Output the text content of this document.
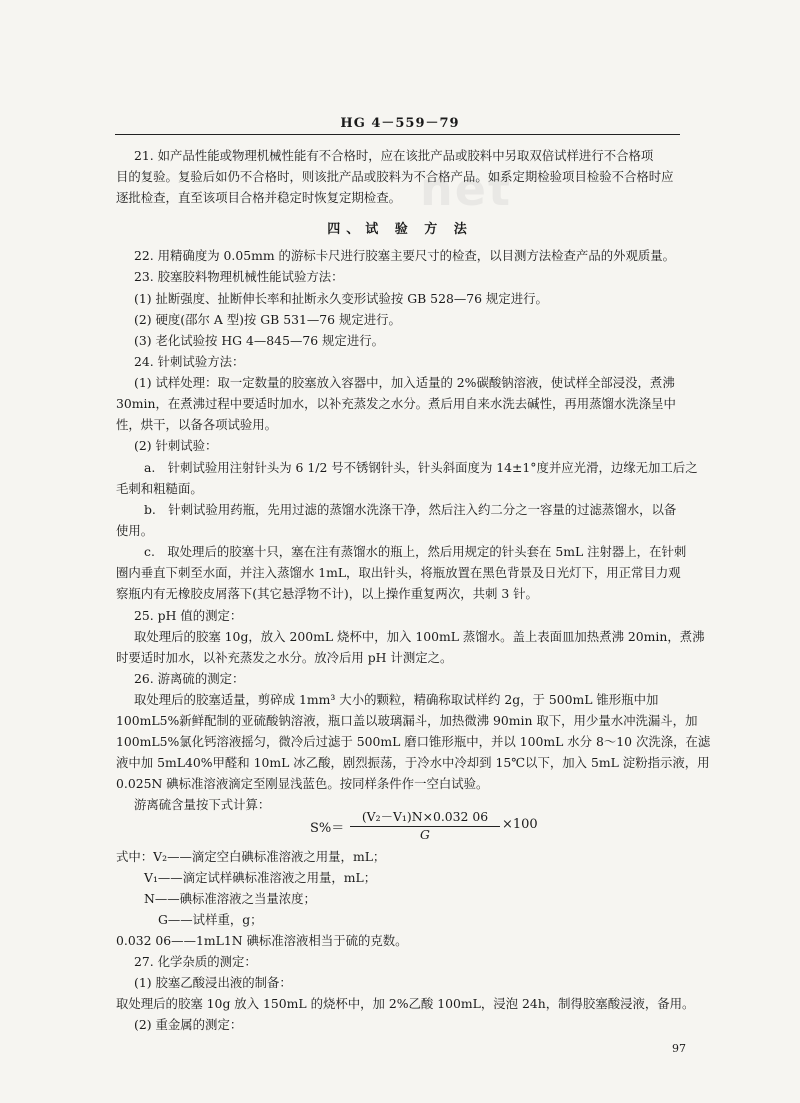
net
HG 4－559－79
四、试 验 方 法
21. 如产品性能或物理机械性能有不合格时，应在该批产品或胶料中另取双倍试样进行不合格项
目的复验。复验后如仍不合格时，则该批产品或胶料为不合格产品。如系定期检验项目检验不合格时应
逐批检查，直至该项目合格并稳定时恢复定期检查。
22. 用精确度为 0.05mm 的游标卡尺进行胶塞主要尺寸的检查，以目测方法检查产品的外观质量。
23. 胶塞胶料物理机械性能试验方法：
(1) 扯断强度、扯断伸长率和扯断永久变形试验按 GB 528—76 规定进行。
(2) 硬度(邵尔 A 型)按 GB 531—76 规定进行。
(3) 老化试验按 HG 4—845—76 规定进行。
24. 针刺试验方法：
(1) 试样处理：取一定数量的胶塞放入容器中，加入适量的 2%碳酸钠溶液，使试样全部浸没，煮沸
30min，在煮沸过程中要适时加水，以补充蒸发之水分。煮后用自来水洗去碱性，再用蒸馏水洗涤呈中
性，烘干，以备各项试验用。
(2) 针刺试验：
a.　针刺试验用注射针头为 6 1/2 号不锈钢针头，针头斜面度为 14±1°度并应光滑，边缘无加工后之
毛刺和粗糙面。
b.　针刺试验用药瓶，先用过滤的蒸馏水洗涤干净，然后注入约二分之一容量的过滤蒸馏水，以备
使用。
c.　取处理后的胶塞十只，塞在注有蒸馏水的瓶上，然后用规定的针头套在 5mL 注射器上，在针刺
圈内垂直下刺至水面，并注入蒸馏水 1mL，取出针头，将瓶放置在黑色背景及日光灯下，用正常目力观
察瓶内有无橡胶皮屑落下(其它悬浮物不计)，以上操作重复两次，共刺 3 针。
25. pH 值的测定：
取处理后的胶塞 10g，放入 200mL 烧杯中，加入 100mL 蒸馏水。盖上表面皿加热煮沸 20min，煮沸
时要适时加水，以补充蒸发之水分。放冷后用 pH 计测定之。
26. 游离硫的测定：
取处理后的胶塞适量，剪碎成 1mm³ 大小的颗粒，精确称取试样约 2g，于 500mL 锥形瓶中加
100mL5%新鲜配制的亚硫酸钠溶液，瓶口盖以玻璃漏斗，加热微沸 90min 取下，用少量水冲洗漏斗，加
100mL5%氯化钙溶液摇匀，微冷后过滤于 500mL 磨口锥形瓶中，并以 100mL 水分 8～10 次洗涤，在滤
液中加 5mL40%甲醛和 10mL 冰乙酸，剧烈振荡，于冷水中冷却到 15℃以下，加入 5mL 淀粉指示液，用
0.025N 碘标准溶液滴定至刚显浅蓝色。按同样条件作一空白试验。
游离硫含量按下式计算：
式中：V₂——滴定空白碘标准溶液之用量，mL；
V₁——滴定试样碘标准溶液之用量，mL；
N——碘标准溶液之当量浓度；
G——试样重，g；
0.032 06——1mL1N 碘标准溶液相当于硫的克数。
27. 化学杂质的测定：
(1) 胶塞乙酸浸出液的制备：
取处理后的胶塞 10g 放入 150mL 的烧杯中，加 2%乙酸 100mL，浸泡 24h，制得胶塞酸浸液，备用。
(2) 重金属的测定：
$S\%= \frac{\text{(V₂－V₁)N×0.032 06}}{G} \times 100$
97
